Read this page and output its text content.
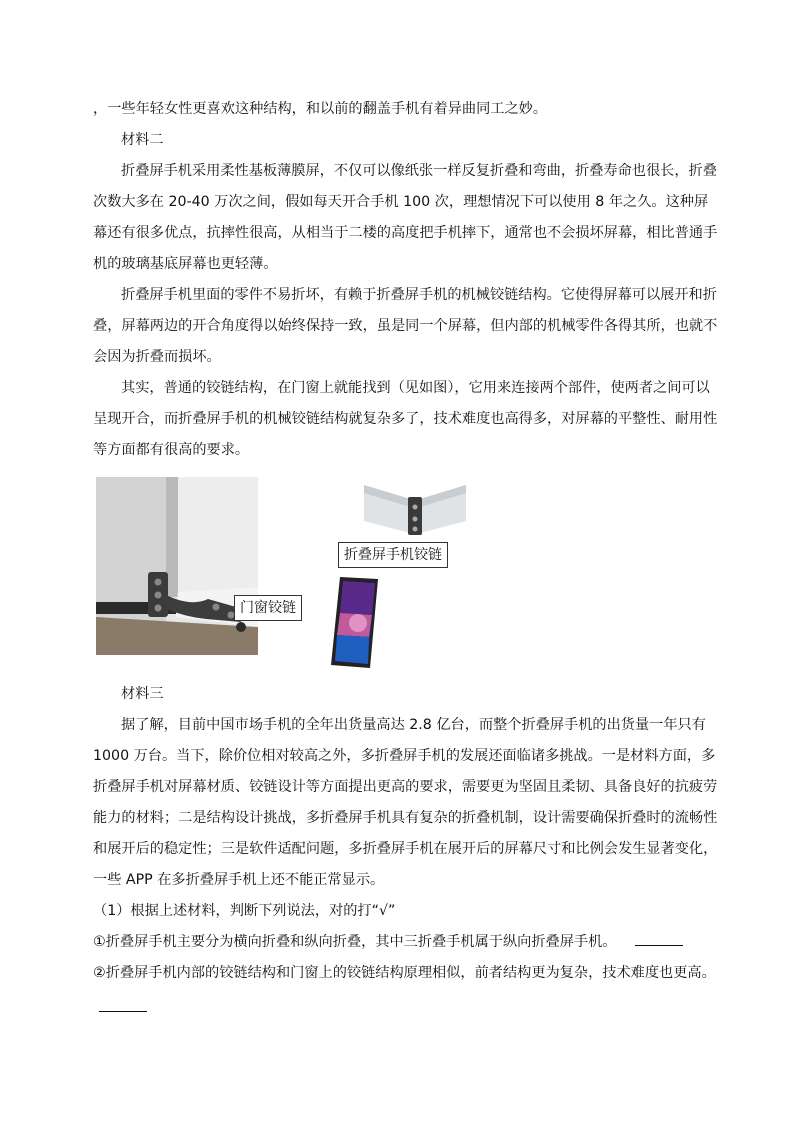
，一些年轻女性更喜欢这种结构，和以前的翻盖手机有着异曲同工之妙。

材料二

折叠屏手机采用柔性基板薄膜屏，不仅可以像纸张一样反复折叠和弯曲，折叠寿命也很长，折叠次数大多在 20-40 万次之间，假如每天开合手机 100 次，理想情况下可以使用 8 年之久。这种屏幕还有很多优点，抗摔性很高，从相当于二楼的高度把手机摔下，通常也不会损坏屏幕，相比普通手机的玻璃基底屏幕也更轻薄。

折叠屏手机里面的零件不易折坏，有赖于折叠屏手机的机械铰链结构。它使得屏幕可以展开和折叠，屏幕两边的开合角度得以始终保持一致，虽是同一个屏幕，但内部的机械零件各得其所，也就不会因为折叠而损坏。

其实，普通的铰链结构，在门窗上就能找到（见如图），它用来连接两个部件，使两者之间可以呈现开合，而折叠屏手机的机械铰链结构就复杂多了，技术难度也高得多，对屏幕的平整性、耐用性等方面都有很高的要求。

门窗铰链
折叠屏手机铰链

材料三

据了解，目前中国市场手机的全年出货量高达 2.8 亿台，而整个折叠屏手机的出货量一年只有 1000 万台。当下，除价位相对较高之外，多折叠屏手机的发展还面临诸多挑战。一是材料方面，多折叠屏手机对屏幕材质、铰链设计等方面提出更高的要求，需要更为坚固且柔韧、具备良好的抗疲劳能力的材料；二是结构设计挑战，多折叠屏手机具有复杂的折叠机制，设计需要确保折叠时的流畅性和展开后的稳定性；三是软件适配问题，多折叠屏手机在展开后的屏幕尺寸和比例会发生显著变化，一些 APP 在多折叠屏手机上还不能正常显示。

（1）根据上述材料，判断下列说法，对的打“√”

①折叠屏手机主要分为横向折叠和纵向折叠，其中三折叠手机属于纵向折叠屏手机。

②折叠屏手机内部的铰链结构和门窗上的铰链结构原理相似，前者结构更为复杂，技术难度也更高。
